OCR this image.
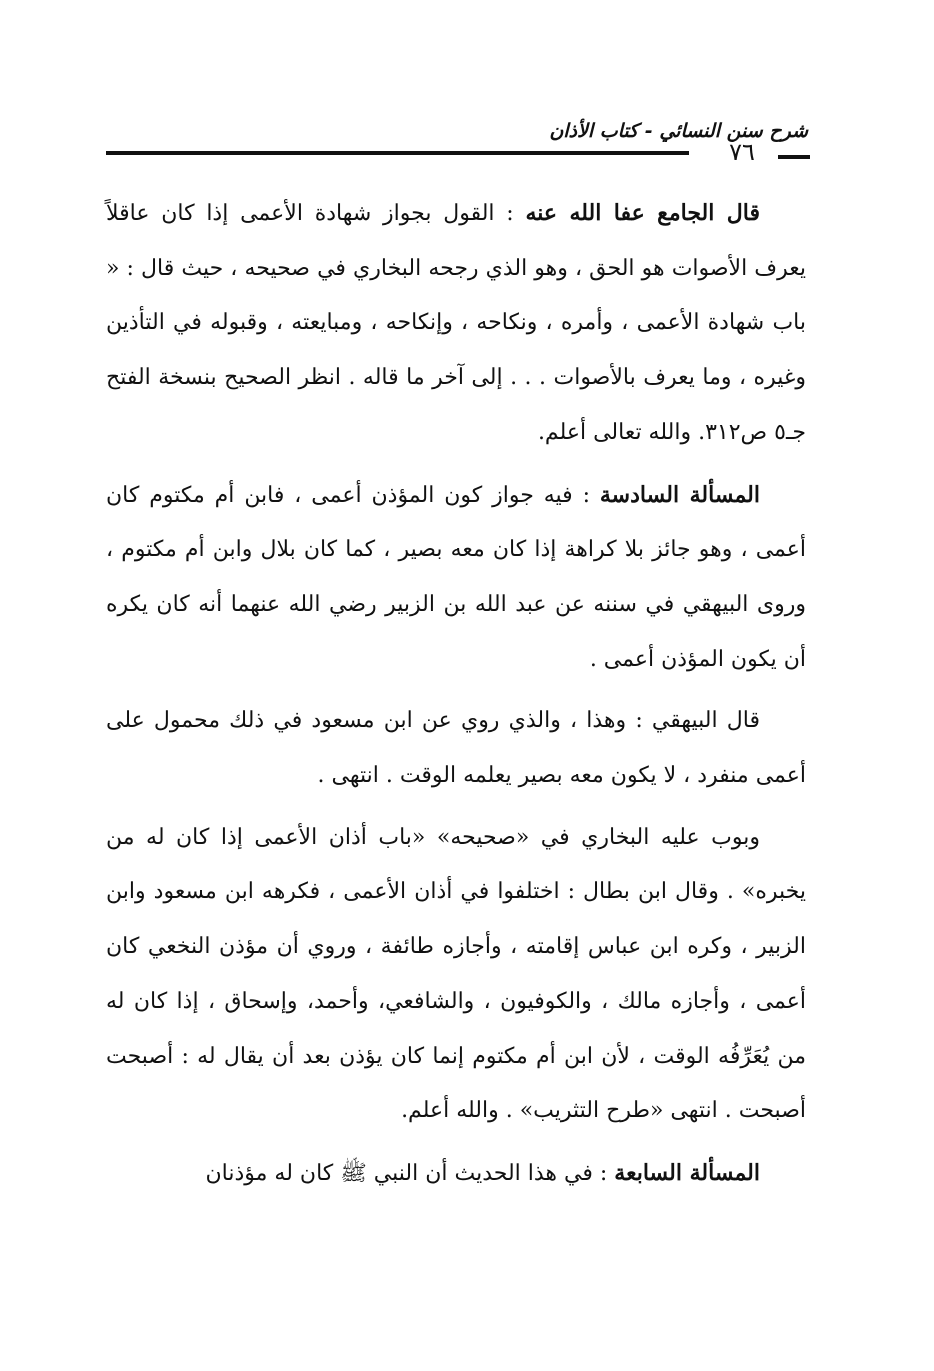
شرح سنن النسائي - كتاب الأذان
٧٦

قال الجامع عفا الله عنه : القول بجواز شهادة الأعمى إذا كان عاقلاً يعرف الأصوات هو الحق ، وهو الذي رجحه البخاري في صحيحه ، حيث قال : « باب شهادة الأعمى ، وأمره ، ونكاحه ، وإنكاحه ، ومبايعته ، وقبوله في التأذين وغيره ، وما يعرف بالأصوات . . . إلى آخر ما قاله . انظر الصحيح بنسخة الفتح جـ٥ ص٣١٢. والله تعالى أعلم.

المسألة السادسة : فيه جواز كون المؤذن أعمى ، فابن أم مكتوم كان أعمى ، وهو جائز بلا كراهة إذا كان معه بصير ، كما كان بلال وابن أم مكتوم ، وروى البيهقي في سننه عن عبد الله بن الزبير رضي الله عنهما أنه كان يكره أن يكون المؤذن أعمى .

قال البيهقي : وهذا ، والذي روي عن ابن مسعود في ذلك محمول على أعمى منفرد ، لا يكون معه بصير يعلمه الوقت . انتهى .

وبوب عليه البخاري في «صحيحه» «باب أذان الأعمى إذا كان له من يخبره» . وقال ابن بطال : اختلفوا في أذان الأعمى ، فكرهه ابن مسعود وابن الزبير ، وكره ابن عباس إقامته ، وأجازه طائفة ، وروي أن مؤذن النخعي كان أعمى ، وأجازه مالك ، والكوفيون ، والشافعي، وأحمد، وإسحاق ، إذا كان له من يُعَرِّفُه الوقت ، لأن ابن أم مكتوم إنما كان يؤذن بعد أن يقال له : أصبحت أصبحت . انتهى «طرح التثريب» . والله أعلم.

المسألة السابعة : في هذا الحديث أن النبي ﷺ كان له مؤذنان
